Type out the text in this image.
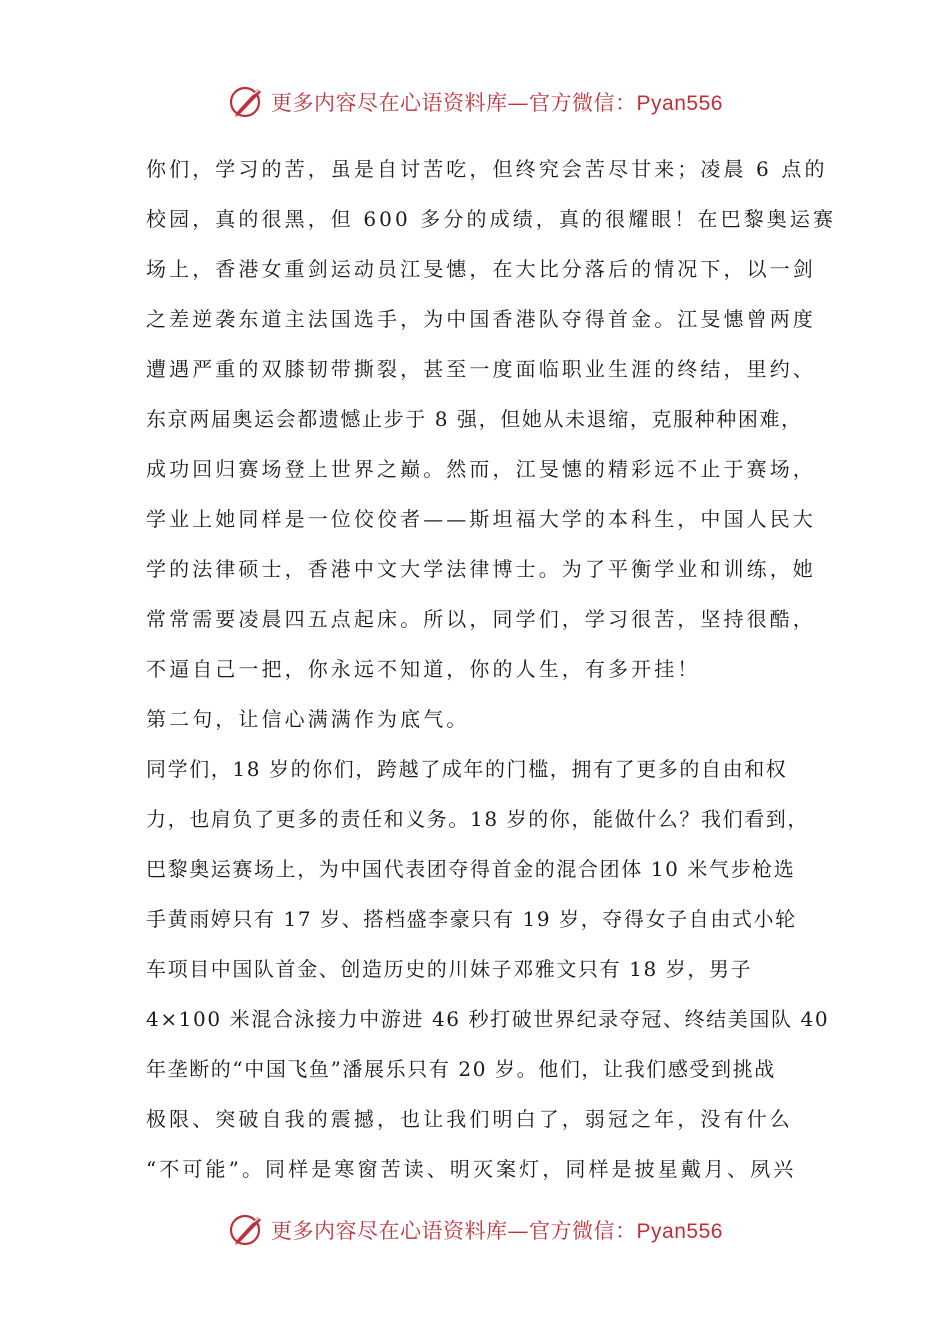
更多内容尽在心语资料库—官方微信：Pyan556
你们，学习的苦，虽是自讨苦吃，但终究会苦尽甘来；凌晨 6 点的
校园，真的很黑，但 600 多分的成绩，真的很耀眼！在巴黎奥运赛
场上，香港女重剑运动员江旻憓，在大比分落后的情况下，以一剑
之差逆袭东道主法国选手，为中国香港队夺得首金。江旻憓曾两度
遭遇严重的双膝韧带撕裂，甚至一度面临职业生涯的终结，里约、
东京两届奥运会都遗憾止步于 8 强，但她从未退缩，克服种种困难，
成功回归赛场登上世界之巅。然而，江旻憓的精彩远不止于赛场，
学业上她同样是一位佼佼者——斯坦福大学的本科生，中国人民大
学的法律硕士，香港中文大学法律博士。为了平衡学业和训练，她
常常需要凌晨四五点起床。所以，同学们，学习很苦，坚持很酷，
不逼自己一把，你永远不知道，你的人生，有多开挂！
第二句，让信心满满作为底气。
同学们，18 岁的你们，跨越了成年的门槛，拥有了更多的自由和权
力，也肩负了更多的责任和义务。18 岁的你，能做什么？我们看到，
巴黎奥运赛场上，为中国代表团夺得首金的混合团体 10 米气步枪选
手黄雨婷只有 17 岁、搭档盛李豪只有 19 岁，夺得女子自由式小轮
车项目中国队首金、创造历史的川妹子邓雅文只有 18 岁，男子
4×100 米混合泳接力中游进 46 秒打破世界纪录夺冠、终结美国队 40
年垄断的“中国飞鱼”潘展乐只有 20 岁。他们，让我们感受到挑战
极限、突破自我的震撼，也让我们明白了，弱冠之年，没有什么
“不可能”。同样是寒窗苦读、明灭案灯，同样是披星戴月、夙兴
更多内容尽在心语资料库—官方微信：Pyan556
